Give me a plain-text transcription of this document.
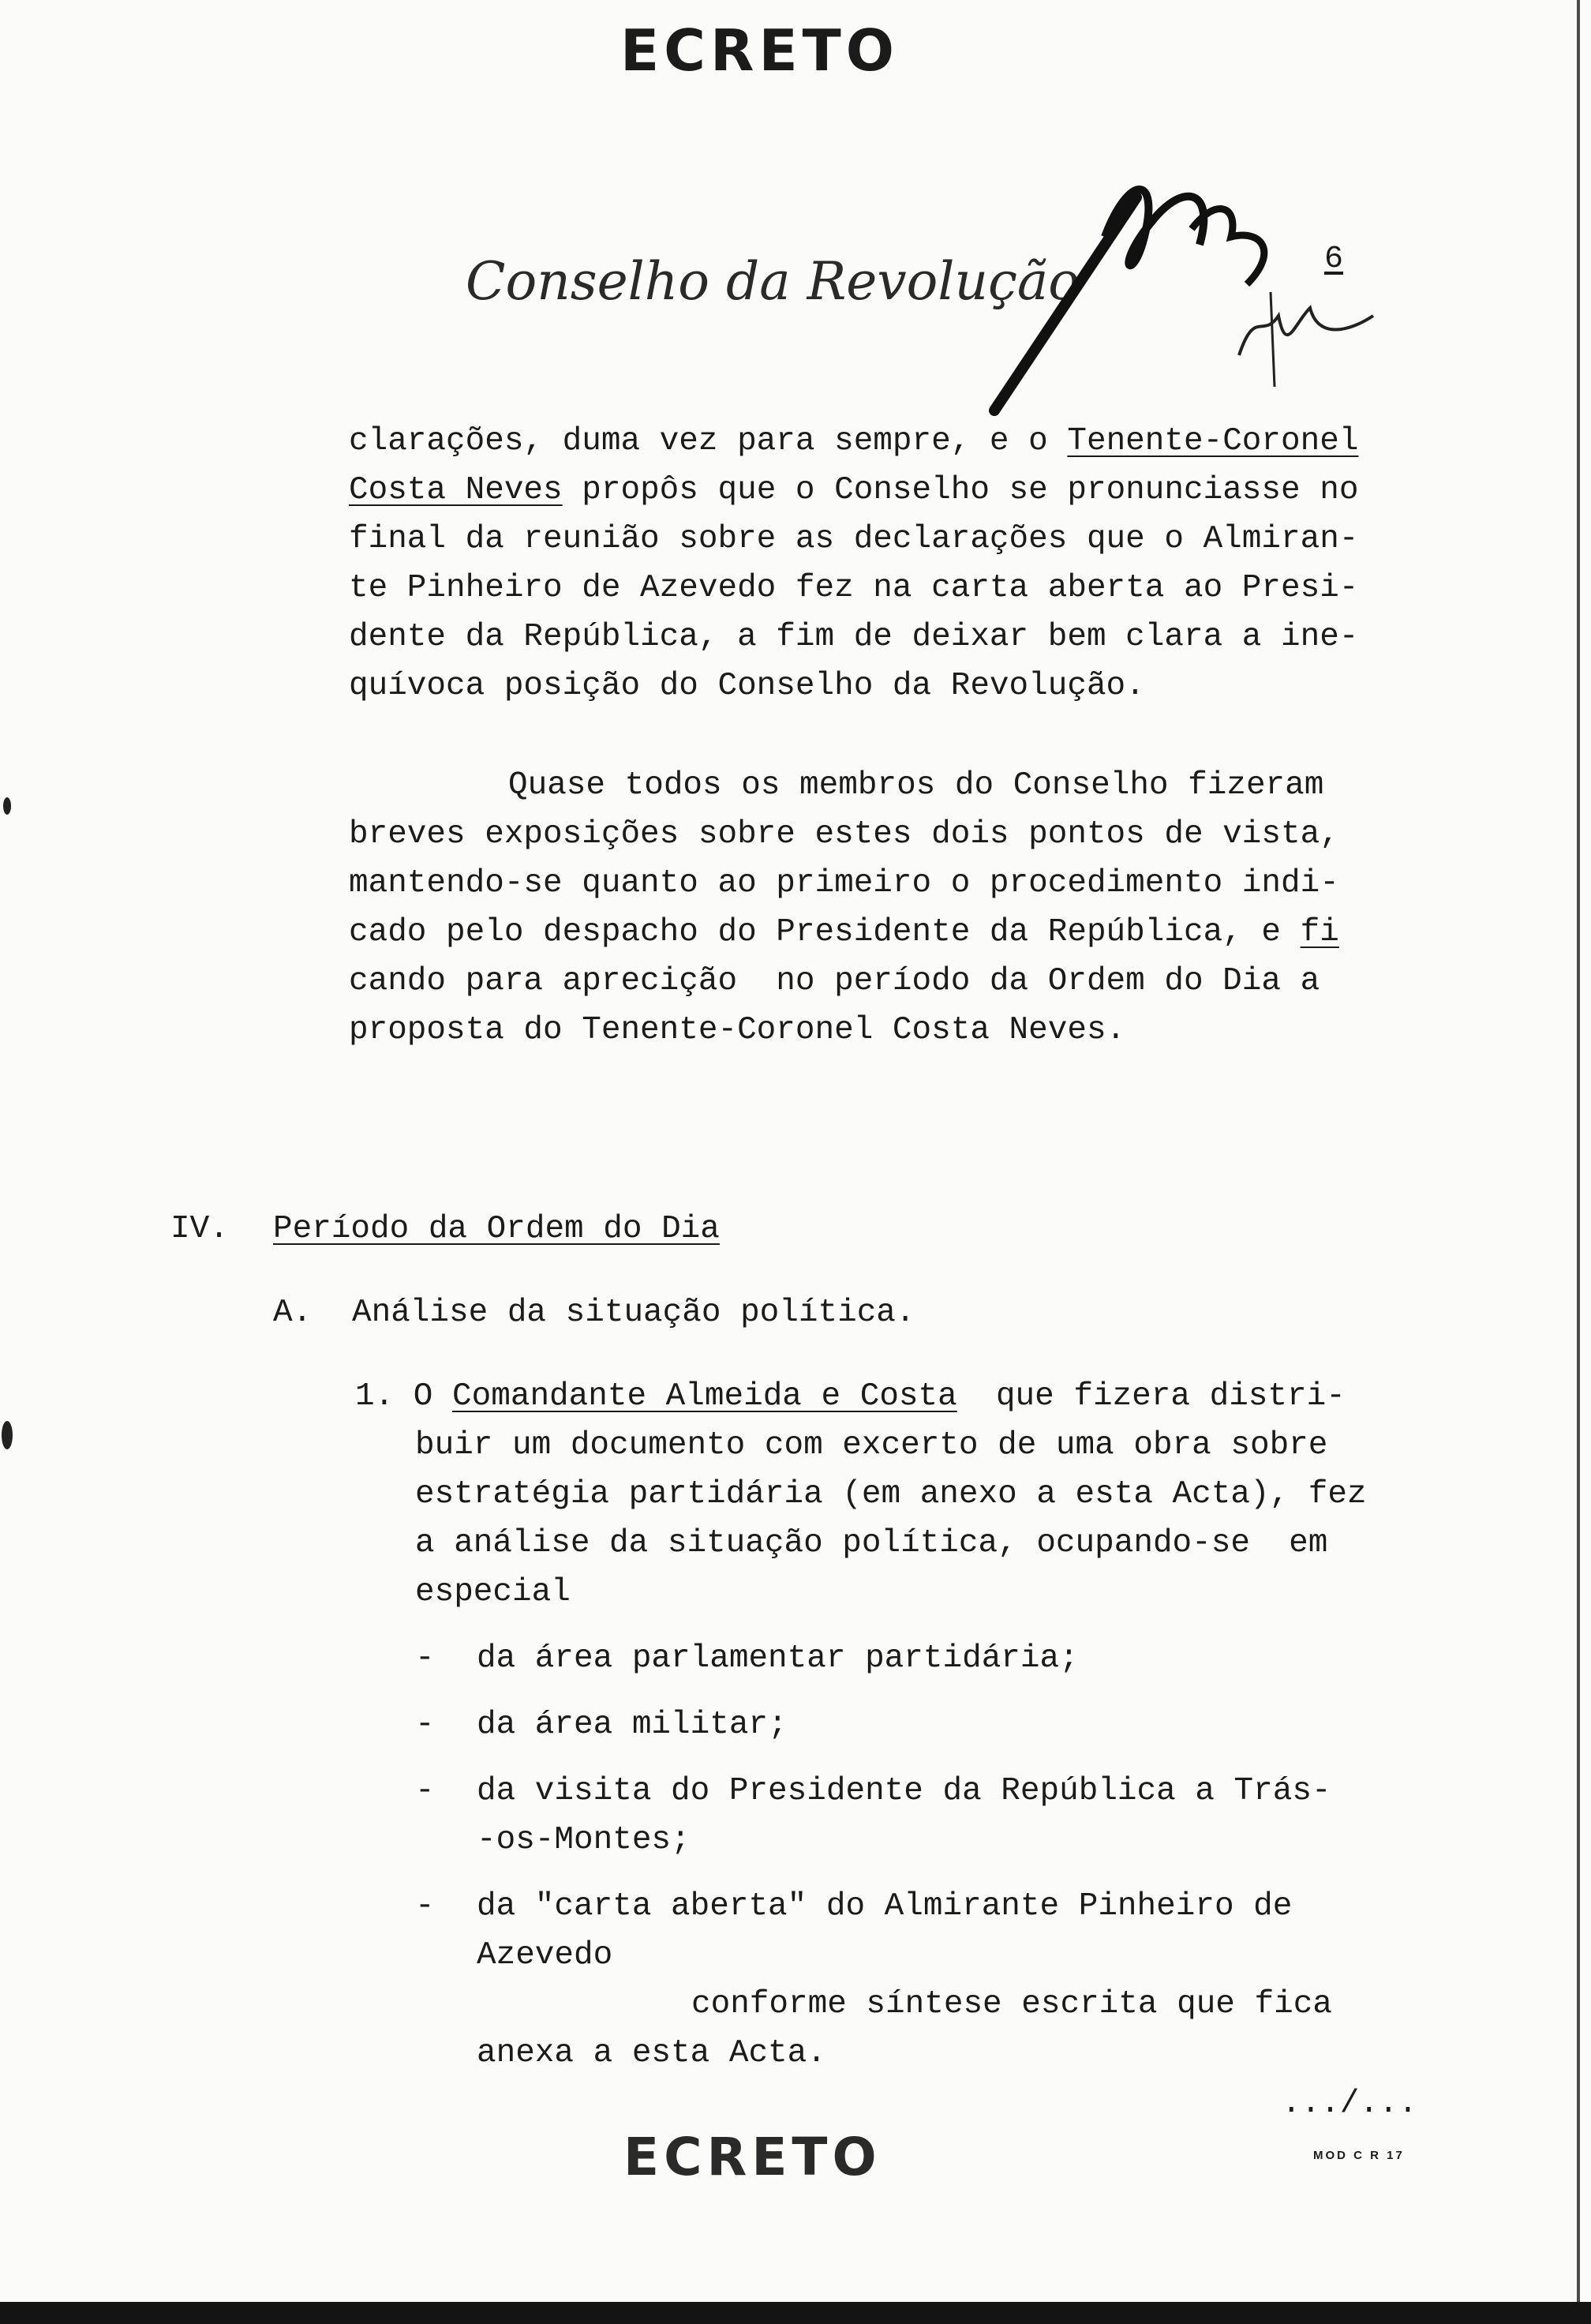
ECRETO
Conselho da Revolução	6
clarações, duma vez para sempre, e o Tenente-Coronel
Costa Neves propôs que o Conselho se pronunciasse no
final da reunião sobre as declarações que o Almiran-
te Pinheiro de Azevedo fez na carta aberta ao Presi-
dente da República, a fim de deixar bem clara a ine-
quívoca posição do Conselho da Revolução.
Quase todos os membros do Conselho fizeram
breves exposições sobre estes dois pontos de vista,
mantendo-se quanto ao primeiro o procedimento indi-
cado pelo despacho do Presidente da República, e fi
cando para aprecição  no período da Ordem do Dia a
proposta do Tenente-Coronel Costa Neves.
IV. Período da Ordem do Dia
A. Análise da situação política.
1. O Comandante Almeida e Costa  que fizera distri-
buir um documento com excerto de uma obra sobre
estratégia partidária (em anexo a esta Acta), fez
a análise da situação política, ocupando-se  em
especial
-	da área parlamentar partidária;
-	da área militar;
-	da visita do Presidente da República a Trás-
-os-Montes;
-	da "carta aberta" do Almirante Pinheiro de
Azevedo
conforme síntese escrita que fica
anexa a esta Acta.
.../...
ECRETO	MOD C R 17
